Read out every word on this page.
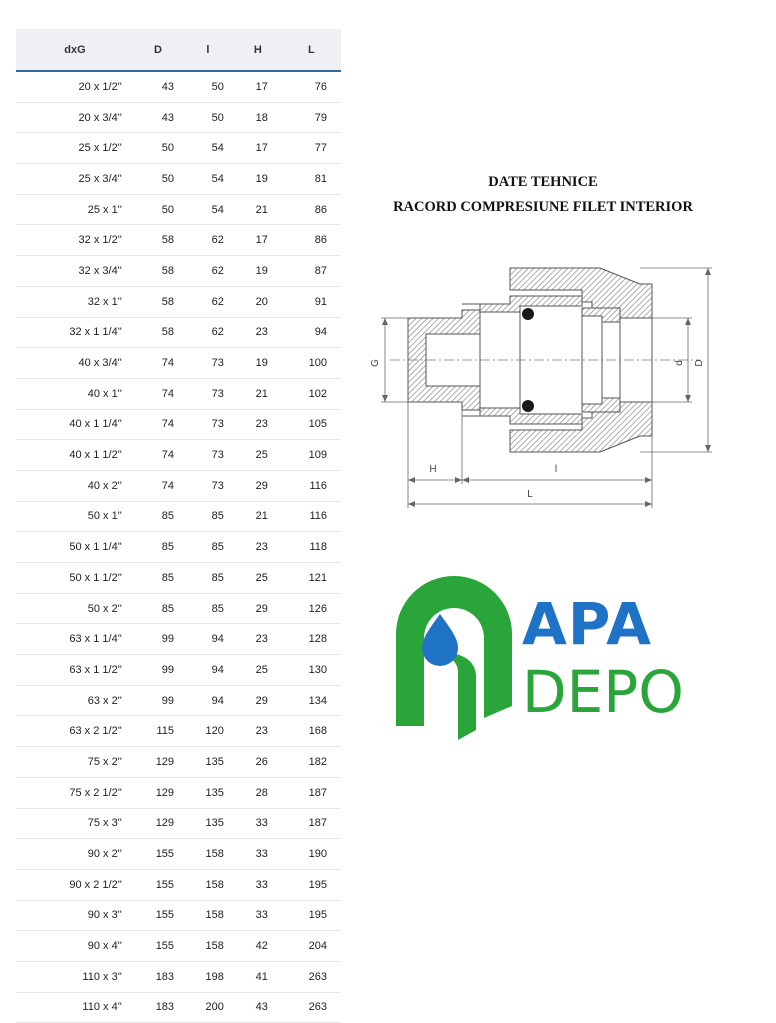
dxG	D	l	H	L
20 x 1/2''	43	50	17	76
20 x 3/4''	43	50	18	79
25 x 1/2''	50	54	17	77
25 x 3/4''	50	54	19	81
25 x 1''	50	54	21	86
32 x 1/2''	58	62	17	86
32 x 3/4''	58	62	19	87
32 x 1''	58	62	20	91
32 x 1 1/4''	58	62	23	94
40 x 3/4''	74	73	19	100
40 x 1''	74	73	21	102
40 x 1 1/4''	74	73	23	105
40 x 1 1/2''	74	73	25	109
40 x 2''	74	73	29	116
50 x 1''	85	85	21	116
50 x 1 1/4''	85	85	23	118
50 x 1 1/2''	85	85	25	121
50 x 2''	85	85	29	126
63 x 1 1/4''	99	94	23	128
63 x 1 1/2''	99	94	25	130
63 x 2''	99	94	29	134
63 x 2 1/2''	115	120	23	168
75 x 2''	129	135	26	182
75 x 2 1/2''	129	135	28	187
75 x 3''	129	135	33	187
90 x 2''	155	158	33	190
90 x 2 1/2''	155	158	33	195
90 x 3''	155	158	33	195
90 x 4''	155	158	42	204
110 x 3''	183	198	41	263
110 x 4''	183	200	43	263
DATE TEHNICE
RACORD COMPRESIUNE FILET INTERIOR
G	d D
H	l
L
APA
DEPO
